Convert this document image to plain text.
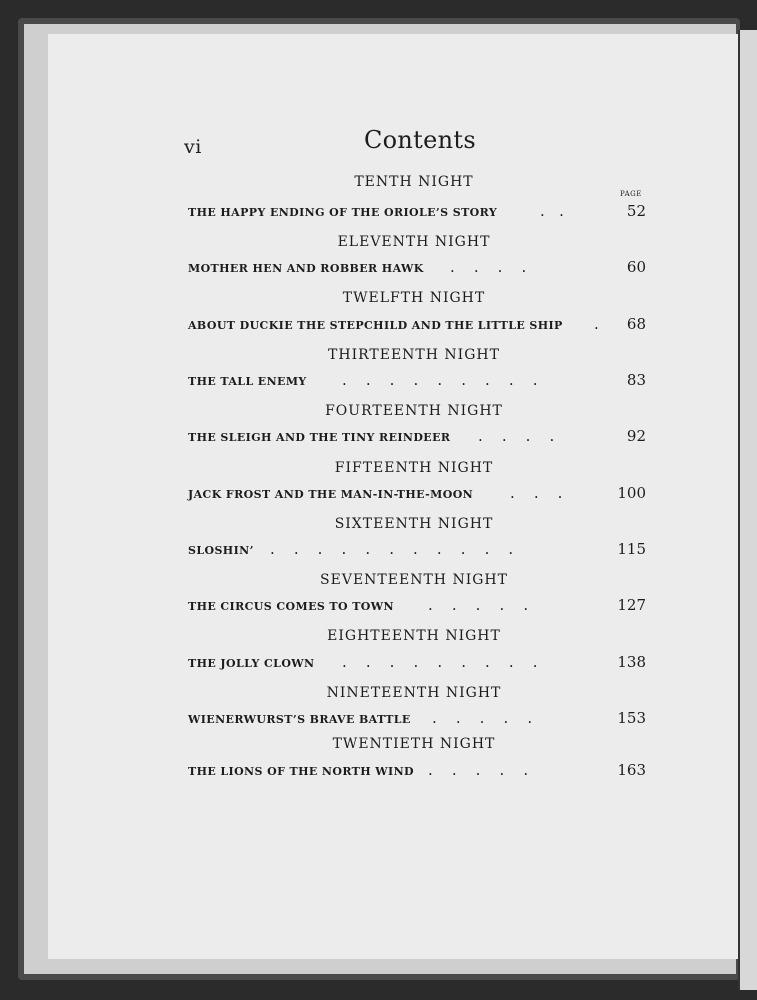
vi	Contents
PAGE
TENTH NIGHT
THE HAPPY ENDING OF THE ORIOLE’S STORY	.   .	52
ELEVENTH NIGHT
MOTHER HEN AND ROBBER HAWK .    .    .    .	60
TWELFTH NIGHT
ABOUT DUCKIE THE STEPCHILD AND THE LITTLE SHIP . 68
THIRTEENTH NIGHT
THE TALL ENEMY .    .    .    .    .    .    .    .    .	83
FOURTEENTH NIGHT
THE SLEIGH AND THE TINY REINDEER .    .    .    .	92
FIFTEENTH NIGHT
JACK FROST AND THE MAN-IN-THE-MOON .    .    .	100
SIXTEENTH NIGHT
SLOSHIN’ .    .    .    .    .    .    .    .    .    .    .	115
SEVENTEENTH NIGHT
THE CIRCUS COMES TO TOWN .    .    .    .    .	127
EIGHTEENTH NIGHT
THE JOLLY CLOWN .    .    .    .    .    .    .    .    .	138
NINETEENTH NIGHT
WIENERWURST’S BRAVE BATTLE .    .    .    .    .	153
TWENTIETH NIGHT
THE LIONS OF THE NORTH WIND .    .    .    .    .	163
